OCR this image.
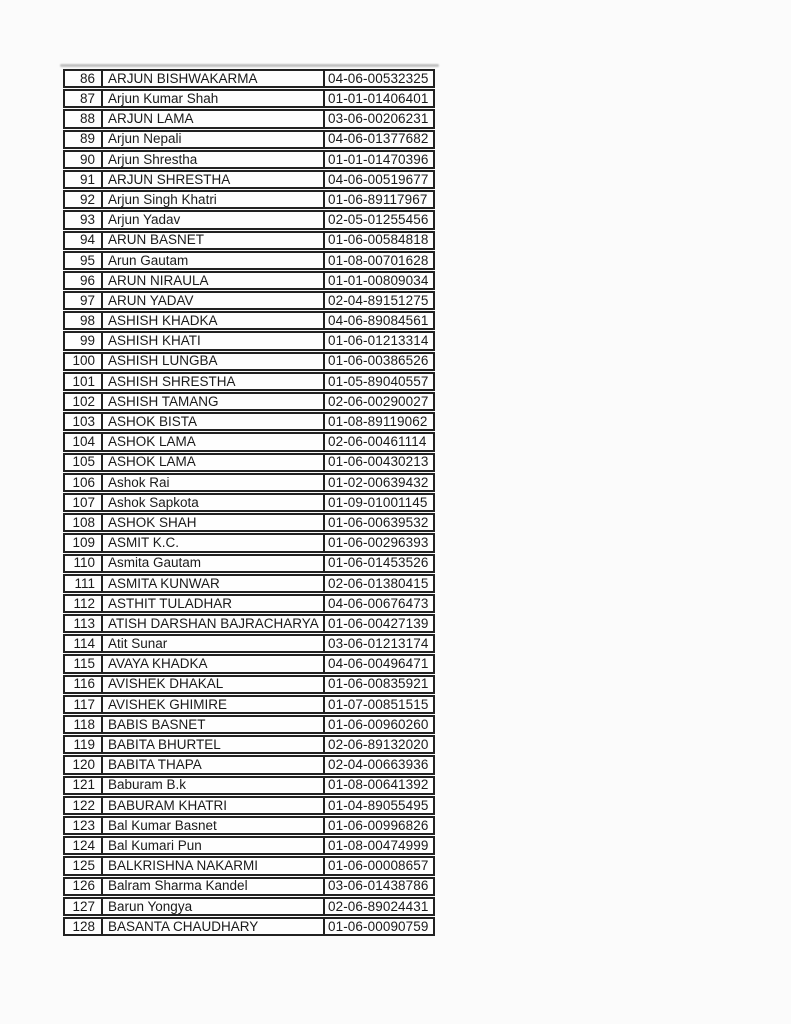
86 ARJUN BISHWAKARMA	04-06-00532325
87 Arjun Kumar Shah	01-01-01406401
88 ARJUN LAMA	03-06-00206231
89 Arjun Nepali	04-06-01377682
90 Arjun Shrestha	01-01-01470396
91 ARJUN SHRESTHA	04-06-00519677
92 Arjun Singh Khatri	01-06-89117967
93 Arjun Yadav	02-05-01255456
94 ARUN BASNET	01-06-00584818
95 Arun Gautam	01-08-00701628
96 ARUN NIRAULA	01-01-00809034
97 ARUN YADAV	02-04-89151275
98 ASHISH KHADKA	04-06-89084561
99 ASHISH KHATI	01-06-01213314
100 ASHISH LUNGBA	01-06-00386526
101 ASHISH SHRESTHA	01-05-89040557
102 ASHISH TAMANG	02-06-00290027
103 ASHOK BISTA	01-08-89119062
104 ASHOK LAMA	02-06-00461114
105 ASHOK LAMA	01-06-00430213
106 Ashok Rai	01-02-00639432
107 Ashok Sapkota	01-09-01001145
108 ASHOK SHAH	01-06-00639532
109 ASMIT K.C.	01-06-00296393
110 Asmita Gautam	01-06-01453526
111 ASMITA KUNWAR	02-06-01380415
112 ASTHIT TULADHAR	04-06-00676473
113 ATISH DARSHAN BAJRACHARYA 01-06-00427139
114 Atit Sunar	03-06-01213174
115 AVAYA KHADKA	04-06-00496471
116 AVISHEK DHAKAL	01-06-00835921
117 AVISHEK GHIMIRE	01-07-00851515
118 BABIS BASNET	01-06-00960260
119 BABITA BHURTEL	02-06-89132020
120 BABITA THAPA	02-04-00663936
121 Baburam B.k	01-08-00641392
122 BABURAM KHATRI	01-04-89055495
123 Bal Kumar Basnet	01-06-00996826
124 Bal Kumari Pun	01-08-00474999
125 BALKRISHNA NAKARMI	01-06-00008657
126 Balram Sharma Kandel	03-06-01438786
127 Barun Yongya	02-06-89024431
128 BASANTA CHAUDHARY	01-06-00090759
